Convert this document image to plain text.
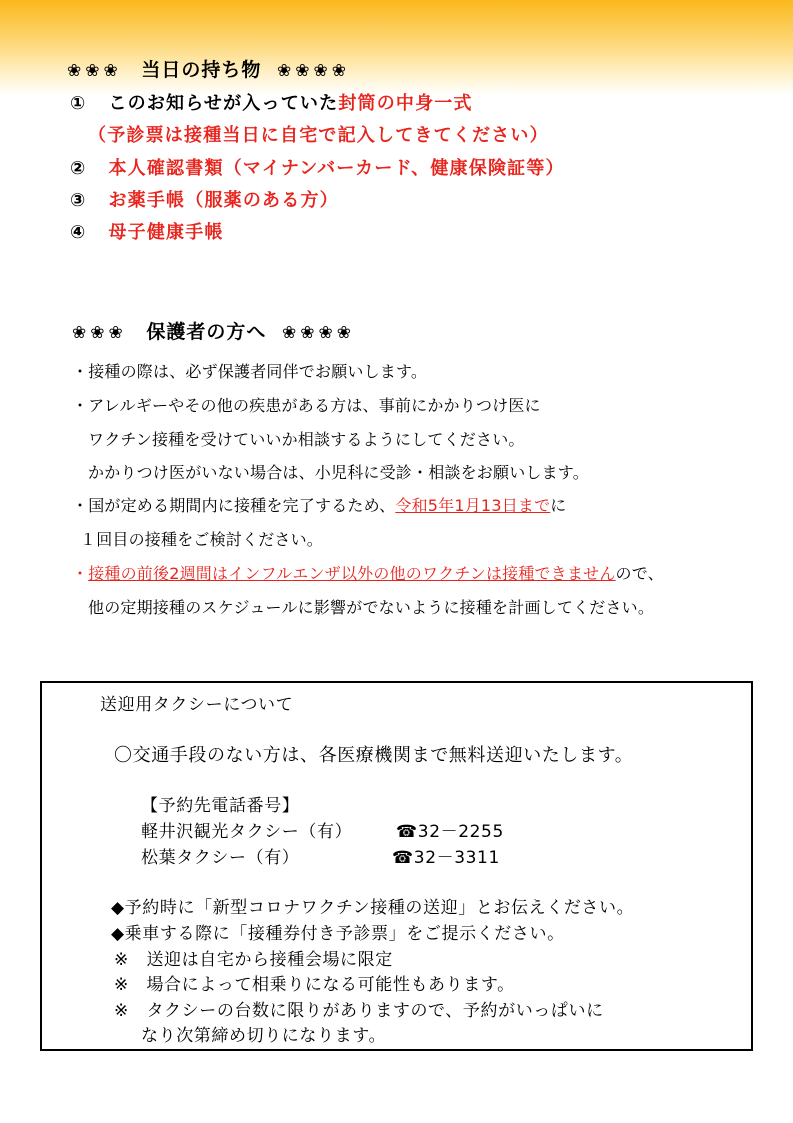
❀❀❀ 当日の持ち物 ❀❀❀❀
① このお知らせが入っていた封筒の中身一式
（予診票は接種当日に自宅で記入してきてください）
② 本人確認書類（マイナンバーカード、健康保険証等）
③ お薬手帳（服薬のある方）
④ 母子健康手帳
❀❀❀ 保護者の方へ ❀❀❀❀
・接種の際は、必ず保護者同伴でお願いします。
・アレルギーやその他の疾患がある方は、事前にかかりつけ医に
ワクチン接種を受けていいか相談するようにしてください。
かかりつけ医がいない場合は、小児科に受診・相談をお願いします。
・国が定める期間内に接種を完了するため、令和5年1月13日までに
１回目の接種をご検討ください。
・接種の前後2週間はインフルエンザ以外の他のワクチンは接種できませんので、
他の定期接種のスケジュールに影響がでないように接種を計画してください。
送迎用タクシーについて
〇交通手段のない方は、各医療機関まで無料送迎いたします。
【予約先電話番号】
軽井沢観光タクシー（有）	☎32－2255
松葉タクシー（有）	☎32－3311
◆予約時に「新型コロナワクチン接種の送迎」とお伝えください。
◆乗車する際に「接種券付き予診票」をご提示ください。
※　送迎は自宅から接種会場に限定
※　場合によって相乗りになる可能性もあります。
※　タクシーの台数に限りがありますので、予約がいっぱいに
なり次第締め切りになります。
